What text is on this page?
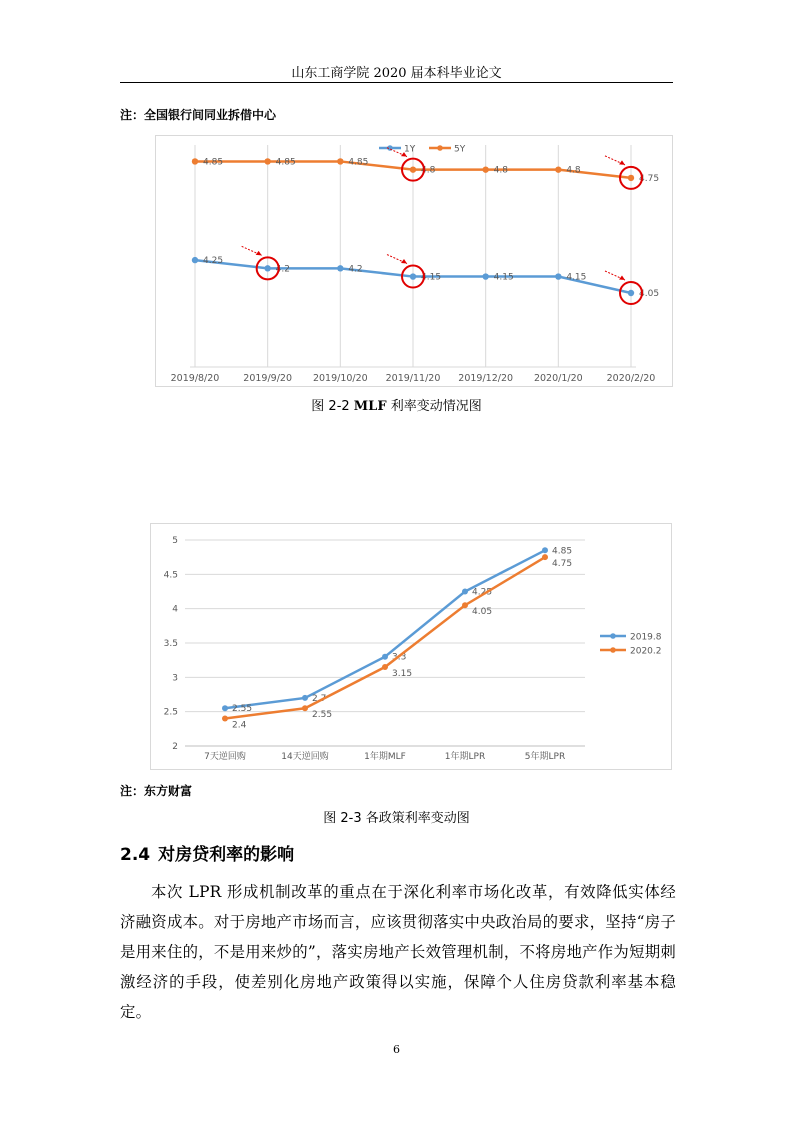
山东工商学院 2020 届本科毕业论文
注：全国银行间同业拆借中心
2019/8/20	2019/9/20 2019/10/20 2019/11/20 2019/12/20 2020/1/20	2020/2/20
1Y	5Y
4.25
4.2	4.2
4.15	4.15	4.15
4.05
4.85	4.85	4.85
4.8	4.8	4.8
4.75
图 2-2 MLF 利率变动情况图
2
2.5
3
3.5
4
4.5
5
7天逆回购	14天逆回购	1年期MLF	1年期LPR	5年期LPR
2.55
2.7
3.3
4.25
4.85
2.4
2.55
3.15
4.05
4.75
2019.8
2020.2
注：东方财富
图 2-3 各政策利率变动图
2.4 对房贷利率的影响
本次 LPR 形成机制改革的重点在于深化利率市场化改革，有效降低实体经济融资成本。对于房地产市场而言，应该贯彻落实中央政治局的要求，坚持“房子是用来住的，不是用来炒的”，落实房地产长效管理机制，不将房地产作为短期刺激经济的手段，使差别化房地产政策得以实施，保障个人住房贷款利率基本稳定。
6
